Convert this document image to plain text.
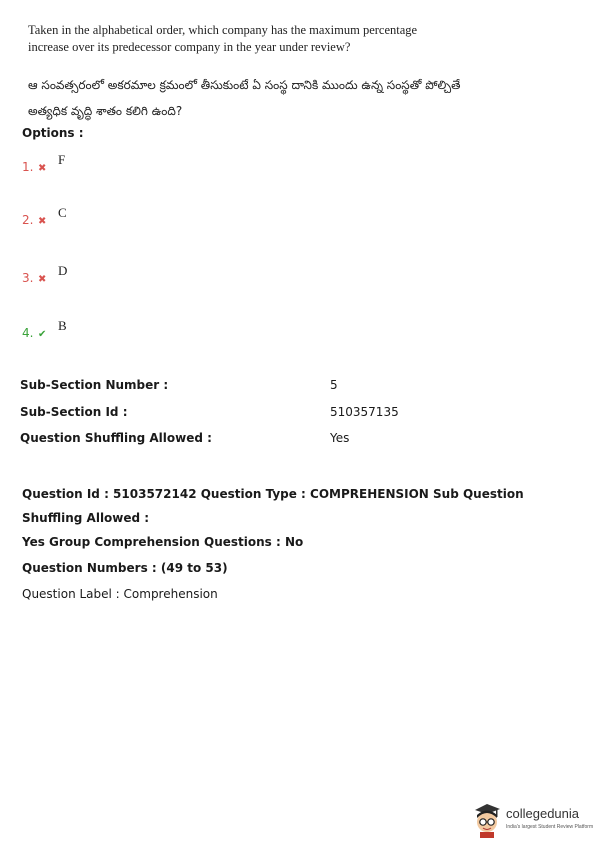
Taken in the alphabetical order, which company has the maximum percentage increase over its predecessor company in the year under review?
ఆ సంవత్సరంలో అకరమాల క్రమంలో తీసుకుంటే ఏ సంస్థ దానికి ముందు ఉన్న సంస్థతో పోల్చితే అత్యధిక వృద్ధి శాతం కలిగి ఉంది?
Options :
1. ✖
F
2. ✖
C
3. ✖
D
4. ✔
B
Sub-Section Number :	5
Sub-Section Id :	510357135
Question Shuffling Allowed :	Yes
Question Id : 5103572142 Question Type : COMPREHENSION Sub Question Shuffling Allowed :
Yes Group Comprehension Questions : No
Question Numbers : (49 to 53)
Question Label : Comprehension
collegedunia
India's largest Student Review Platform
